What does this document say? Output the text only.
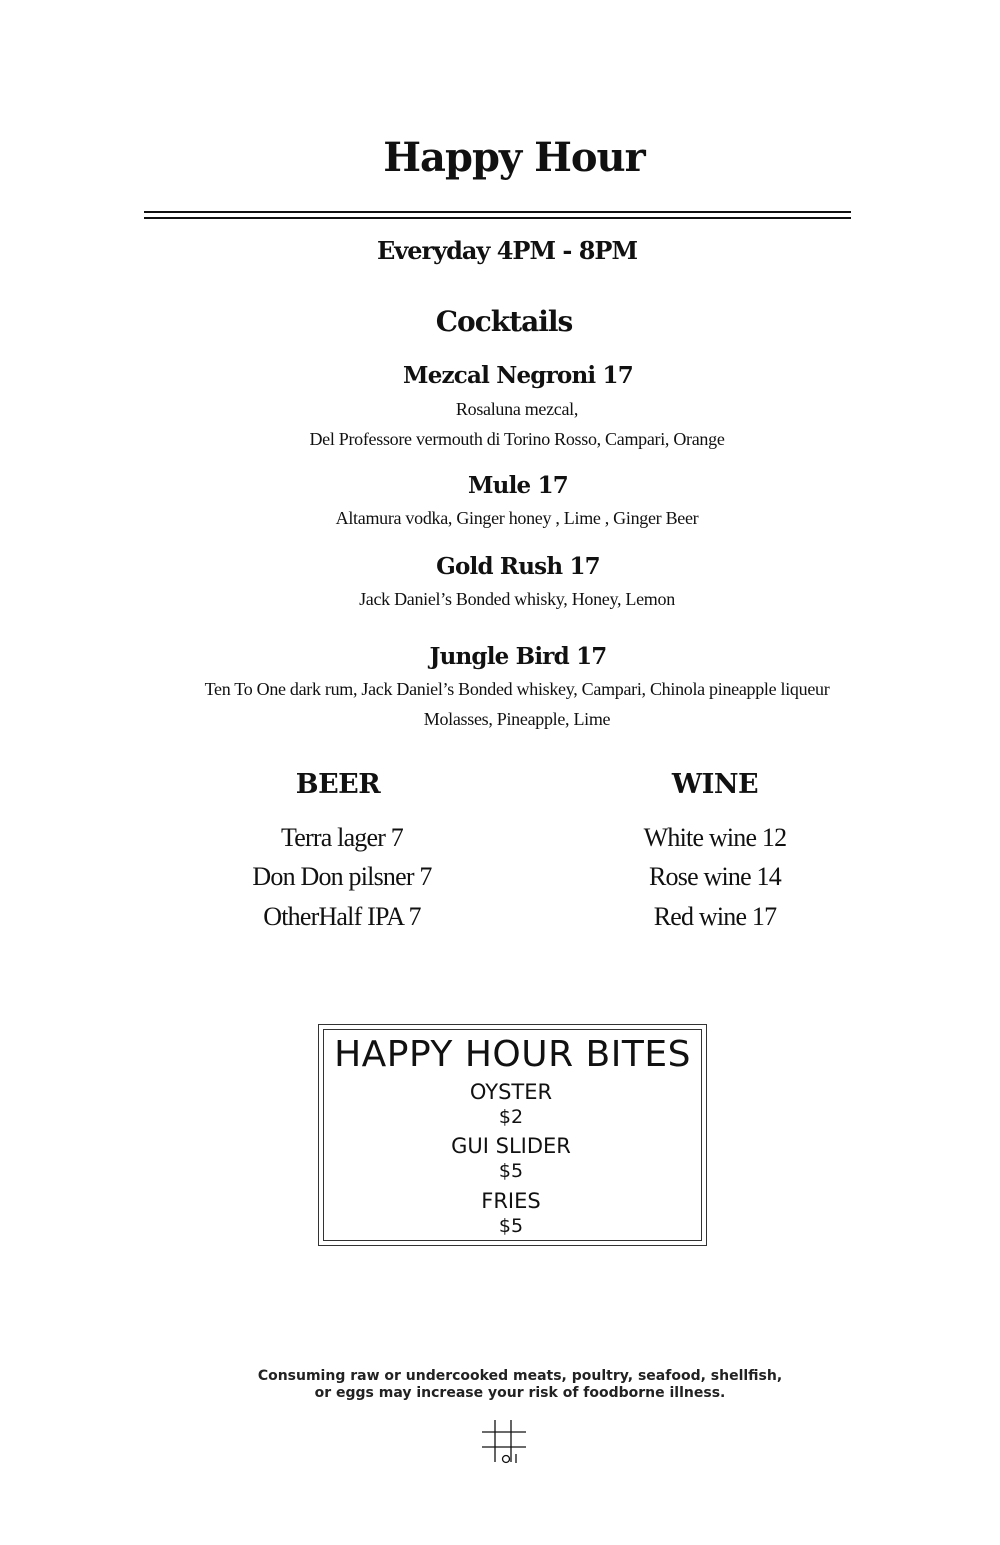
Happy Hour
Everyday 4PM - 8PM
Cocktails
Mezcal Negroni 17
Rosaluna mezcal,
Del Professore vermouth di Torino Rosso, Campari, Orange
Mule 17
Altamura vodka, Ginger honey , Lime , Ginger Beer
Gold Rush 17
Jack Daniel’s Bonded whisky, Honey, Lemon
Jungle Bird 17
Ten To One dark rum, Jack Daniel’s Bonded whiskey, Campari, Chinola pineapple liqueur
Molasses, Pineapple, Lime
BEER
Terra lager 7
Don Don pilsner 7
OtherHalf IPA 7
WINE
White wine 12
Rose wine 14
Red wine 17
HAPPY HOUR BITES
OYSTER
$2
GUI SLIDER
$5
FRIES
$5
Consuming raw or undercooked meats, poultry, seafood, shellfish,
or eggs may increase your risk of foodborne illness.
